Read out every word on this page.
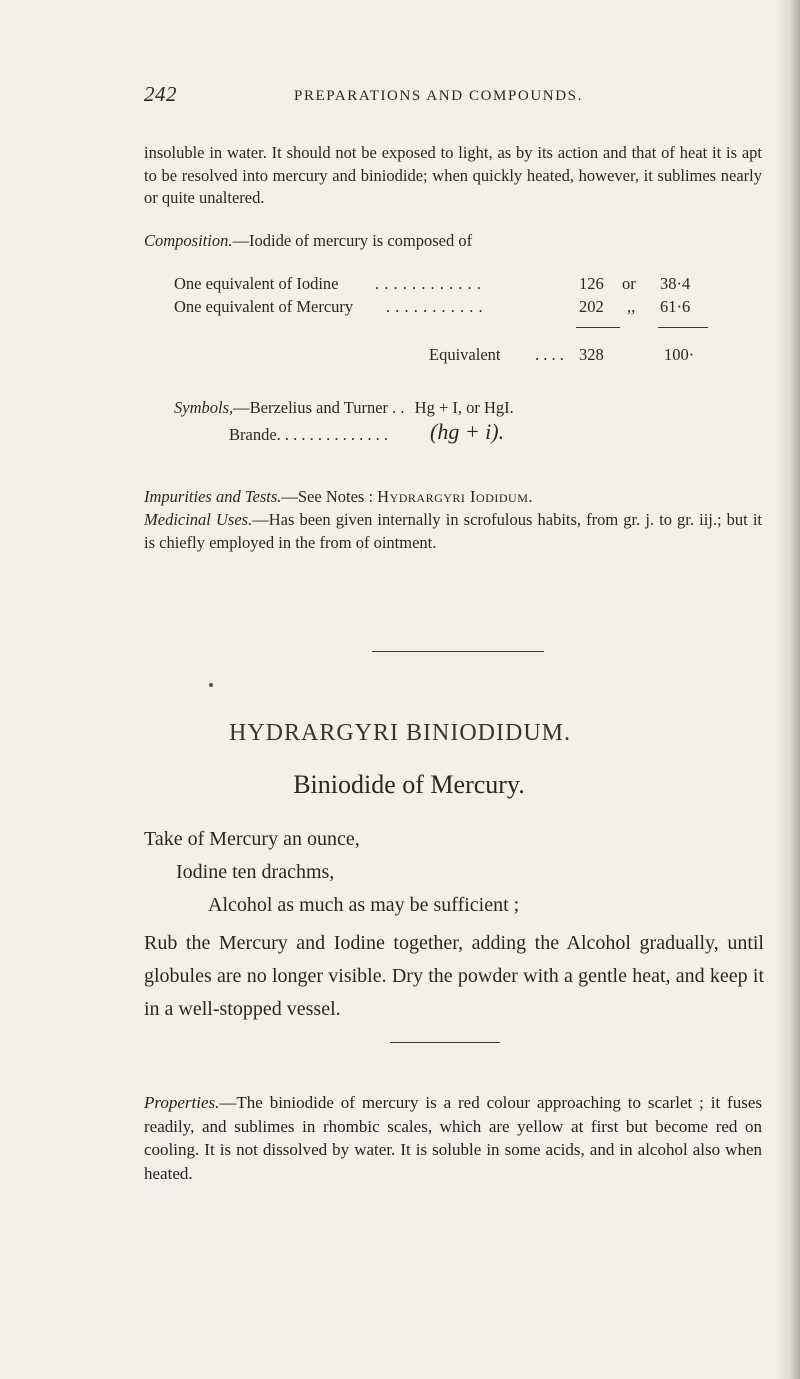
242	PREPARATIONS AND COMPOUNDS.

insoluble in water. It should not be exposed to light, as by its action and that of heat it is apt to be resolved into mercury and biniodide; when quickly heated, however, it sublimes nearly or quite unaltered.

Composition.—Iodide of mercury is composed of
One equivalent of Iodine . . . . . . . . . . . .	126 or 38·4
One equivalent of Mercury . . . . . . . . . . .	202 ,, 61·6
Equivalent . . . . 328	100·
Symbols,—Berzelius and Turner . . Hg + I, or HgI.
Brande. . . . . . . . . . . . . . (hg + i).

Impurities and Tests.—See Notes : Hydrargyri Iodidum.

Medicinal Uses.—Has been given internally in scrofulous habits, from gr. j. to gr. iij.; but it is chiefly employed in the from of ointment.

HYDRARGYRI BINIODIDUM.
Biniodide of Mercury.
Take of Mercury an ounce,
Iodine ten drachms,
Alcohol as much as may be sufficient ;

Rub the Mercury and Iodine together, adding the Alcohol gradually, until globules are no longer visible. Dry the powder with a gentle heat, and keep it in a well-stopped vessel.

Properties.—The biniodide of mercury is a red colour approaching to scarlet ; it fuses readily, and sublimes in rhombic scales, which are yellow at first but become red on cooling. It is not dissolved by water. It is soluble in some acids, and in alcohol also when heated.
